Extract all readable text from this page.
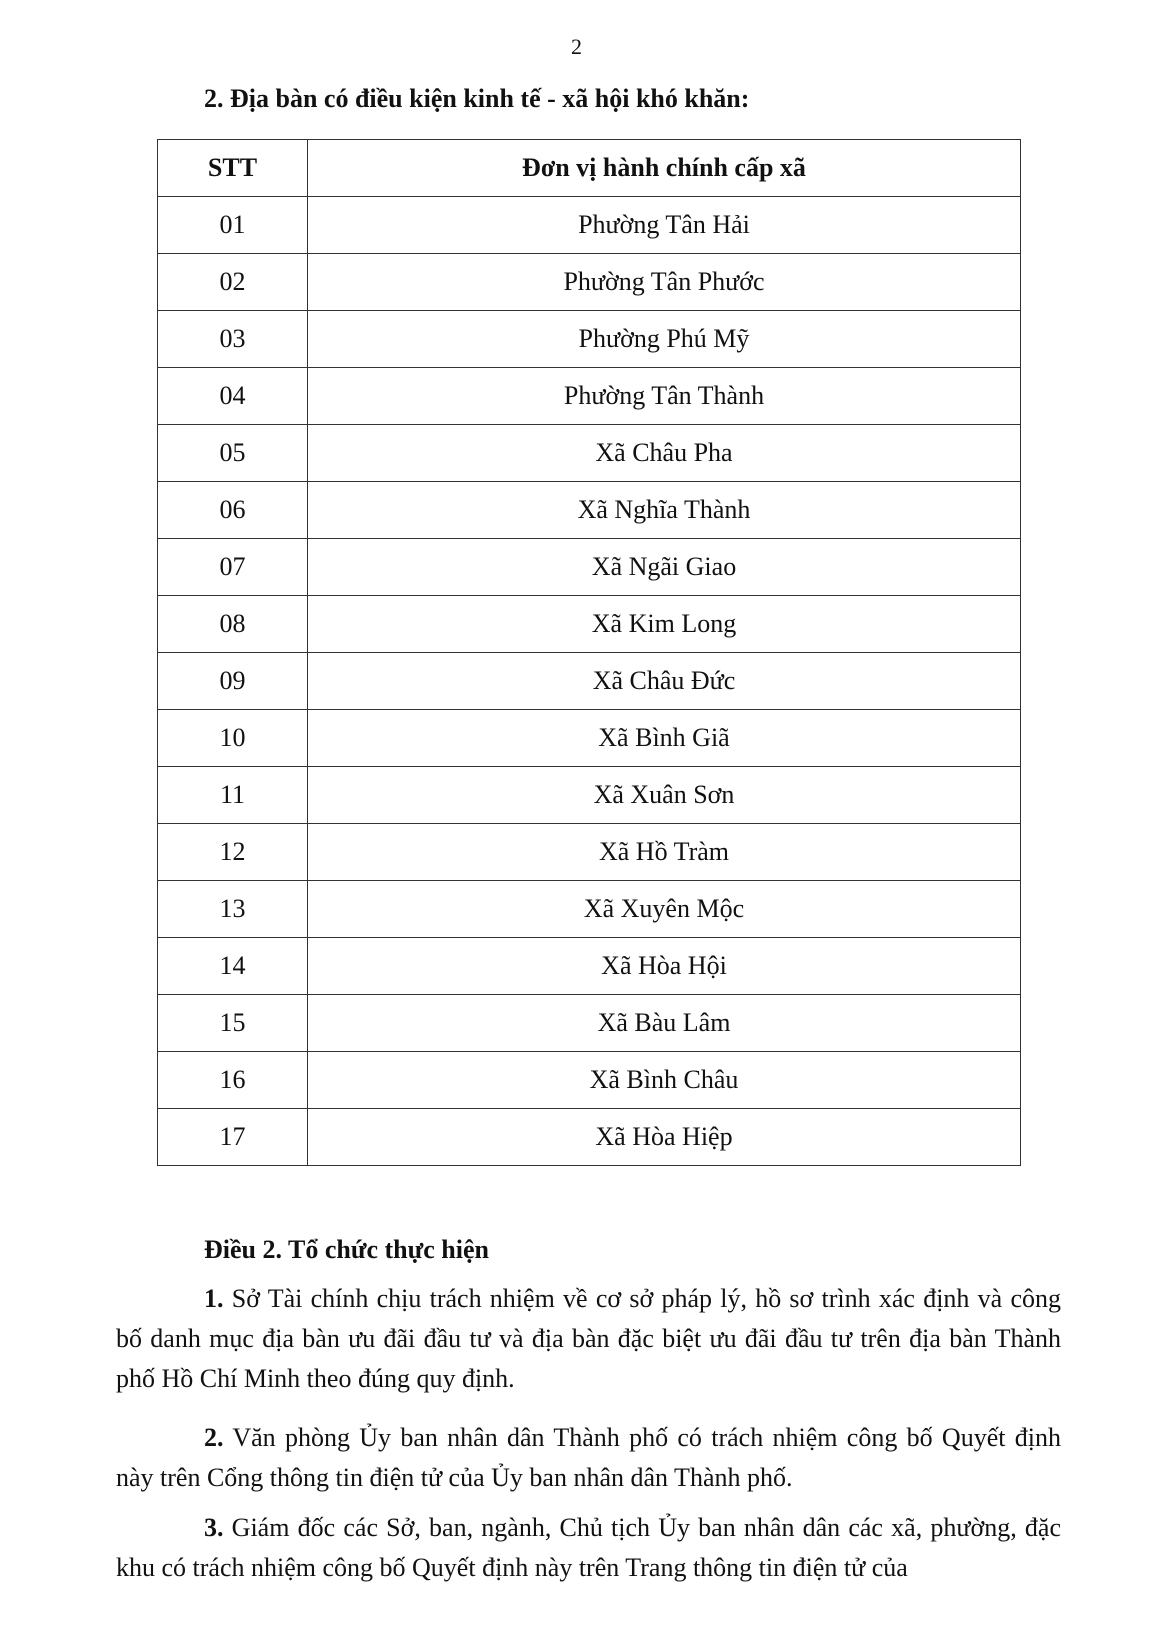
2
2. Địa bàn có điều kiện kinh tế - xã hội khó khăn:
STT	Đơn vị hành chính cấp xã
01	Phường Tân Hải
02	Phường Tân Phước
03	Phường Phú Mỹ
04	Phường Tân Thành
05	Xã Châu Pha
06	Xã Nghĩa Thành
07	Xã Ngãi Giao
08	Xã Kim Long
09	Xã Châu Đức
10	Xã Bình Giã
11	Xã Xuân Sơn
12	Xã Hồ Tràm
13	Xã Xuyên Mộc
14	Xã Hòa Hội
15	Xã Bàu Lâm
16	Xã Bình Châu
17	Xã Hòa Hiệp
Điều 2. Tổ chức thực hiện

1. Sở Tài chính chịu trách nhiệm về cơ sở pháp lý, hồ sơ trình xác định và công bố danh mục địa bàn ưu đãi đầu tư và địa bàn đặc biệt ưu đãi đầu tư trên địa bàn Thành phố Hồ Chí Minh theo đúng quy định.

2. Văn phòng Ủy ban nhân dân Thành phố có trách nhiệm công bố Quyết định này trên Cổng thông tin điện tử của Ủy ban nhân dân Thành phố.

3. Giám đốc các Sở, ban, ngành, Chủ tịch Ủy ban nhân dân các xã, phường, đặc khu có trách nhiệm công bố Quyết định này trên Trang thông tin điện tử của
